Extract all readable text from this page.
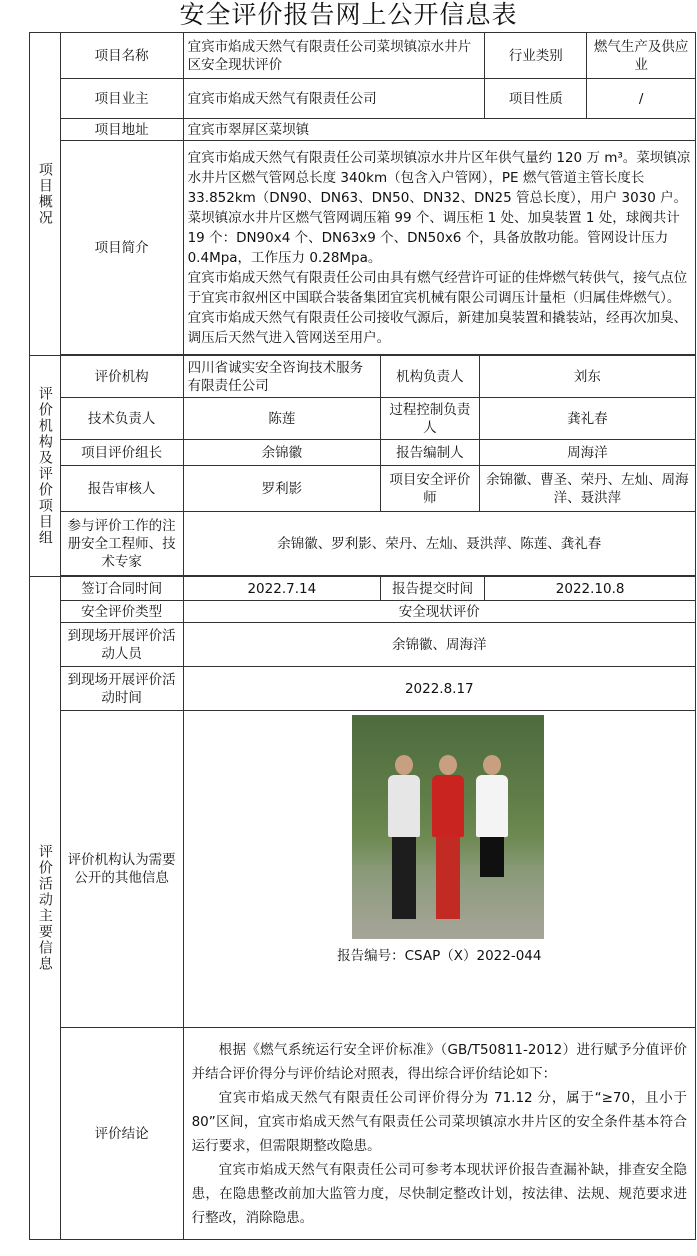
安全评价报告网上公开信息表
项目概况	项目名称	宜宾市焰成天然气有限责任公司菜坝镇凉水井片区安全现状评价			行业类别	燃气生产及供应业
	项目业主	宜宾市焰成天然气有限责任公司			项目性质	/
	项目地址	宜宾市翠屏区菜坝镇				
	项目简介	宜宾市焰成天然气有限责任公司菜坝镇凉水井片区年供气量约 120 万 m³。菜坝镇凉水井片区燃气管网总长度 340km（包含入户管网），PE 燃气管道主管长度长 33.852km（DN90、DN63、DN50、DN32、DN25 管总长度），用户 3030 户。菜坝镇凉水井片区燃气管网调压箱 99 个、调压柜 1 处、加臭装置 1 处，球阀共计 19 个：DN90x4 个、DN63x9 个、DN50x6 个，具备放散功能。管网设计压力 0.4Mpa，工作压力 0.28Mpa。
宜宾市焰成天然气有限责任公司由具有燃气经营许可证的佳烨燃气转供气，接气点位于宜宾市叙州区中国联合装备集团宜宾机械有限公司调压计量柜（归属佳烨燃气）。宜宾市焰成天然气有限责任公司接收气源后，新建加臭装置和撬装站，经再次加臭、调压后天然气进入管网送至用户。				

评价机构及评价项目组	评价机构	四川省诚实安全咨询技术服务有限责任公司	机构负责人	刘东		
	技术负责人	陈莲	过程控制负责人	龚礼春		
	项目评价组长	余锦徽	报告编制人	周海洋		
	报告审核人	罗利影	项目安全评价师	余锦徽、曹圣、荣丹、左灿、周海洋、聂洪萍		
	参与评价工作的注册安全工程师、技术专家	余锦徽、罗利影、荣丹、左灿、聂洪萍、陈莲、龚礼春				

评价活动主要信息	签订合同时间	2022.7.14	报告提交时间		2022.10.8	
	安全评价类型	安全现状评价				
	到现场开展评价活动人员	余锦徽、周海洋				
	到现场开展评价活动时间	2022.8.17				
	评价机构认为需要公开的其他信息	报告编号：CSAP（X）2022-044				

	评价结论	根据《燃气系统运行安全评价标准》（GB/T50811-2012）进行赋予分值评价并结合评价得分与评价结论对照表，得出综合评价结论如下：

宜宾市焰成天然气有限责任公司评价得分为 71.12 分，属于“≥70，且小于 80”区间，宜宾市焰成天然气有限责任公司菜坝镇凉水井片区的安全条件基本符合运行要求，但需限期整改隐患。

宜宾市焰成天然气有限责任公司可参考本现状评价报告查漏补缺，排查安全隐患，在隐患整改前加大监管力度，尽快制定整改计划，按法律、法规、规范要求进行整改，消除隐患。				
